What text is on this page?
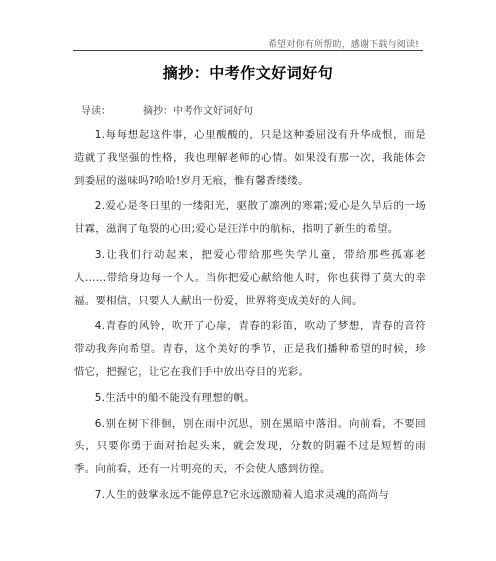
希望对你有所帮助，感谢下载与阅读!
摘抄：中考作文好词好句

导读：	摘抄：中考作文好词好句

1.每每想起这件事，心里酸酸的，只是这种委屈没有升华成恨，而是造就了我坚强的性格，我也理解老师的心情。如果没有那一次，我能体会到委屈的滋味吗?哈哈!岁月无痕，惟有馨香缕缕。

2.爱心是冬日里的一缕阳光，驱散了凛冽的寒霜;爱心是久旱后的一场甘霖，滋润了龟裂的心田;爱心是汪洋中的航标，指明了新生的希望。

3.让我们行动起来，把爱心带给那些失学儿童，带给那些孤寡老人……带给身边每一个人。当你把爱心献给他人时，你也获得了莫大的幸福。要相信，只要人人献出一份爱，世界将变成美好的人间。

4.青春的风铃，吹开了心扉，青春的彩笛，吹动了梦想，青春的音符带动我奔向希望。青春，这个美好的季节，正是我们播种希望的时候，珍惜它，把握它，让它在我们手中放出夺目的光彩。

5.生活中的船不能没有理想的帆。

6.别在树下徘徊，别在雨中沉思，别在黑暗中落泪。向前看，不要回头，只要你勇于面对抬起头来，就会发现，分数的阴霾不过是短暂的雨季。向前看，还有一片明亮的天，不会使人感到彷徨。

7.人生的鼓掌永远不能停息?它永远激励着人追求灵魂的高尚与
